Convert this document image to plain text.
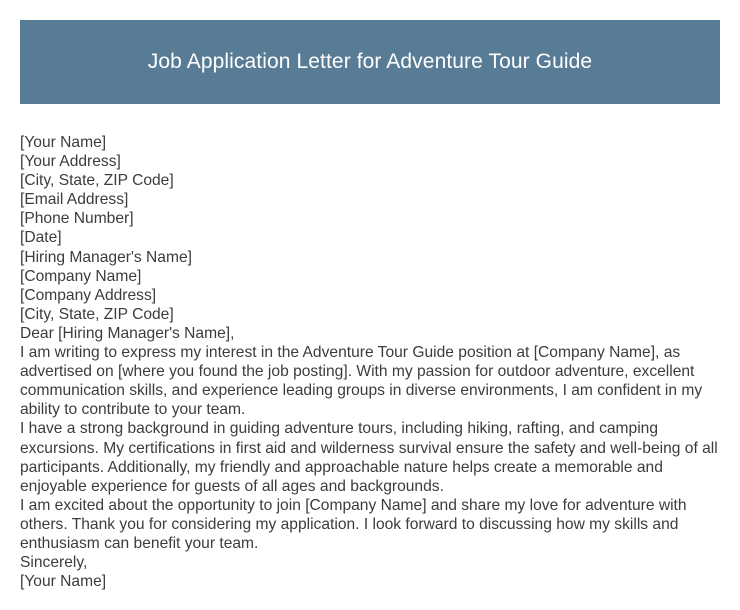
Job Application Letter for Adventure Tour Guide
[Your Name]
[Your Address]
[City, State, ZIP Code]
[Email Address]
[Phone Number]
[Date]
[Hiring Manager's Name]
[Company Name]
[Company Address]
[City, State, ZIP Code]
Dear [Hiring Manager's Name],
I am writing to express my interest in the Adventure Tour Guide position at [Company Name], as advertised on [where you found the job posting]. With my passion for outdoor adventure, excellent communication skills, and experience leading groups in diverse environments, I am confident in my ability to contribute to your team.
I have a strong background in guiding adventure tours, including hiking, rafting, and camping excursions. My certifications in first aid and wilderness survival ensure the safety and well-being of all participants. Additionally, my friendly and approachable nature helps create a memorable and enjoyable experience for guests of all ages and backgrounds.
I am excited about the opportunity to join [Company Name] and share my love for adventure with others. Thank you for considering my application. I look forward to discussing how my skills and enthusiasm can benefit your team.
Sincerely,
[Your Name]
